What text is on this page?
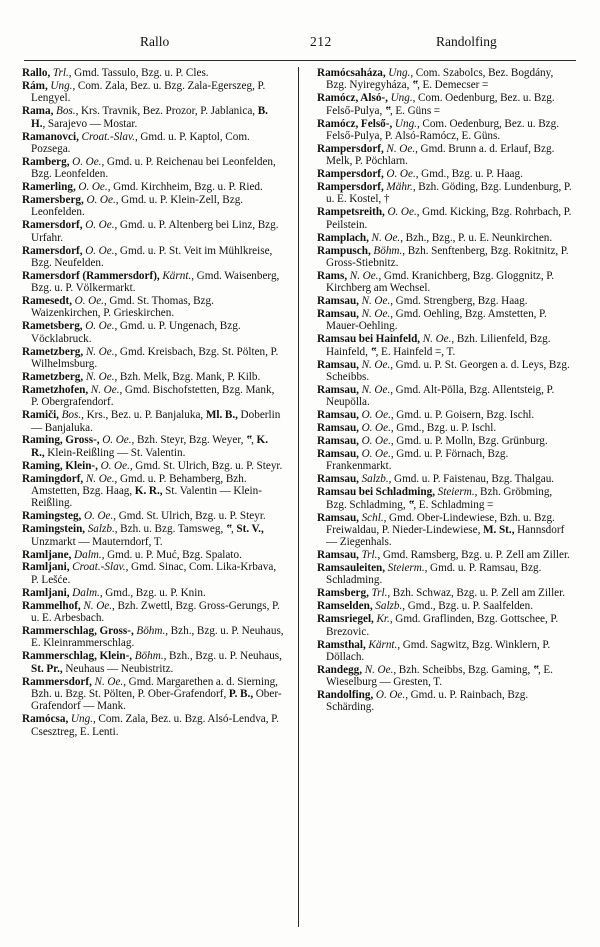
Rallo	212	Randolfing

Rallo, Trl., Gmd. Tassulo, Bzg. u. P. Cles.

Rám, Ung., Com. Zala, Bez. u. Bzg. Zala-Egerszeg, P. Lengyel.

Rama, Bos., Krs. Travnik, Bez. Prozor, P. Jablanica, B. H., Sarajevo — Mostar.

Ramanovci, Croat.-Slav., Gmd. u. P. Kaptol, Com. Pozsega.

Ramberg, O. Oe., Gmd. u. P. Reichenau bei Leonfelden, Bzg. Leonfelden.

Ramerling, O. Oe., Gmd. Kirchheim, Bzg. u. P. Ried.

Ramersberg, O. Oe., Gmd. u. P. Klein-Zell, Bzg. Leonfelden.

Ramersdorf, O. Oe., Gmd. u. P. Altenberg bei Linz, Bzg. Urfahr.

Ramersdorf, O. Oe., Gmd. u. P. St. Veit im Mühlkreise, Bzg. Neufelden.

Ramersdorf (Rammersdorf), Kärnt., Gmd. Waisenberg, Bzg. u. P. Völkermarkt.

Ramesedt, O. Oe., Gmd. St. Thomas, Bzg. Waizenkirchen, P. Grieskirchen.

Rametsberg, O. Oe., Gmd. u. P. Ungenach, Bzg. Vöcklabruck.

Rametzberg, N. Oe., Gmd. Kreisbach, Bzg. St. Pölten, P. Wilhelmsburg.

Rametzberg, N. Oe., Bzh. Melk, Bzg. Mank, P. Kilb.

Rametzhofen, N. Oe., Gmd. Bischofstetten, Bzg. Mank, P. Obergrafendorf.

Ramiči, Bos., Krs., Bez. u. P. Banjaluka, Ml. B., Doberlin — Banjaluka.

Raming, Gross-, O. Oe., Bzh. Steyr, Bzg. Weyer, ‟, K. R., Klein-Reißling — St. Valentin.

Raming, Klein-, O. Oe., Gmd. St. Ulrich, Bzg. u. P. Steyr.

Ramingdorf, N. Oe., Gmd. u. P. Behamberg, Bzh. Amstetten, Bzg. Haag, K. R., St. Valentin — Klein-Reißling.

Ramingsteg, O. Oe., Gmd. St. Ulrich, Bzg. u. P. Steyr.

Ramingstein, Salzb., Bzh. u. Bzg. Tamsweg, ‟, St. V., Unzmarkt — Mauterndorf, T.

Ramljane, Dalm., Gmd. u. P. Muć, Bzg. Spalato.

Ramljani, Croat.-Slav., Gmd. Sinac, Com. Lika-Krbava, P. Lešće.

Ramljani, Dalm., Gmd., Bzg. u. P. Knin.

Rammelhof, N. Oe., Bzh. Zwettl, Bzg. Gross-Gerungs, P. u. E. Arbesbach.

Rammerschlag, Gross-, Böhm., Bzh., Bzg. u. P. Neuhaus, E. Kleinrammerschlag.

Rammerschlag, Klein-, Böhm., Bzh., Bzg. u. P. Neuhaus, St. Pr., Neuhaus — Neubistritz.

Rammersdorf, N. Oe., Gmd. Margarethen a. d. Sierning, Bzh. u. Bzg. St. Pölten, P. Ober-Grafendorf, P. B., Ober-Grafendorf — Mank.

Ramócsa, Ung., Com. Zala, Bez. u. Bzg. Alsó-Lendva, P. Csesztreg, E. Lenti.

Ramócsaháza, Ung., Com. Szabolcs, Bez. Bogdány, Bzg. Nyiregyháza, ‟, E. Demecser =

Ramócz, Alsó-, Ung., Com. Oedenburg, Bez. u. Bzg. Felső-Pulya, ‟, E. Güns =

Ramócz, Felső-, Ung., Com. Oedenburg, Bez. u. Bzg. Felső-Pulya, P. Alsó-Ramócz, E. Güns.

Rampersdorf, N. Oe., Gmd. Brunn a. d. Erlauf, Bzg. Melk, P. Pöchlarn.

Rampersdorf, O. Oe., Gmd., Bzg. u. P. Haag.

Rampersdorf, Mähr., Bzh. Göding, Bzg. Lundenburg, P. u. E. Kostel, †

Rampetsreith, O. Oe., Gmd. Kicking, Bzg. Rohrbach, P. Peilstein.

Ramplach, N. Oe., Bzh., Bzg., P. u. E. Neunkirchen.

Rampusch, Böhm., Bzh. Senftenberg, Bzg. Rokitnitz, P. Gross-Stiebnitz.

Rams, N. Oe., Gmd. Kranichberg, Bzg. Gloggnitz, P. Kirchberg am Wechsel.

Ramsau, N. Oe., Gmd. Strengberg, Bzg. Haag.

Ramsau, N. Oe., Gmd. Oehling, Bzg. Amstetten, P. Mauer-Oehling.

Ramsau bei Hainfeld, N. Oe., Bzh. Lilienfeld, Bzg. Hainfeld, ‟, E. Hainfeld =, T.

Ramsau, N. Oe., Gmd. u. P. St. Georgen a. d. Leys, Bzg. Scheibbs.

Ramsau, N. Oe., Gmd. Alt-Pölla, Bzg. Allentsteig, P. Neupölla.

Ramsau, O. Oe., Gmd. u. P. Goisern, Bzg. Ischl.

Ramsau, O. Oe., Gmd., Bzg. u. P. Ischl.

Ramsau, O. Oe., Gmd. u. P. Molln, Bzg. Grünburg.

Ramsau, O. Oe., Gmd. u. P. Förnach, Bzg. Frankenmarkt.

Ramsau, Salzb., Gmd. u. P. Faistenau, Bzg. Thalgau.

Ramsau bei Schladming, Steierm., Bzh. Gröbming, Bzg. Schladming, ‟, E. Schladming =

Ramsau, Schl., Gmd. Ober-Lindewiese, Bzh. u. Bzg. Freiwaldau, P. Nieder-Lindewiese, M. St., Hannsdorf — Ziegenhals.

Ramsau, Trl., Gmd. Ramsberg, Bzg. u. P. Zell am Ziller.

Ramsauleiten, Steierm., Gmd. u. P. Ramsau, Bzg. Schladming.

Ramsberg, Trl., Bzh. Schwaz, Bzg. u. P. Zell am Ziller.

Ramselden, Salzb., Gmd., Bzg. u. P. Saalfelden.

Ramsriegel, Kr., Gmd. Graflinden, Bzg. Gottschee, P. Brezovic.

Ramsthal, Kärnt., Gmd. Sagwitz, Bzg. Winklern, P. Döllach.

Randegg, N. Oe., Bzh. Scheibbs, Bzg. Gaming, ‟, E. Wieselburg — Gresten, T.

Randolfing, O. Oe., Gmd. u. P. Rainbach, Bzg. Schärding.
